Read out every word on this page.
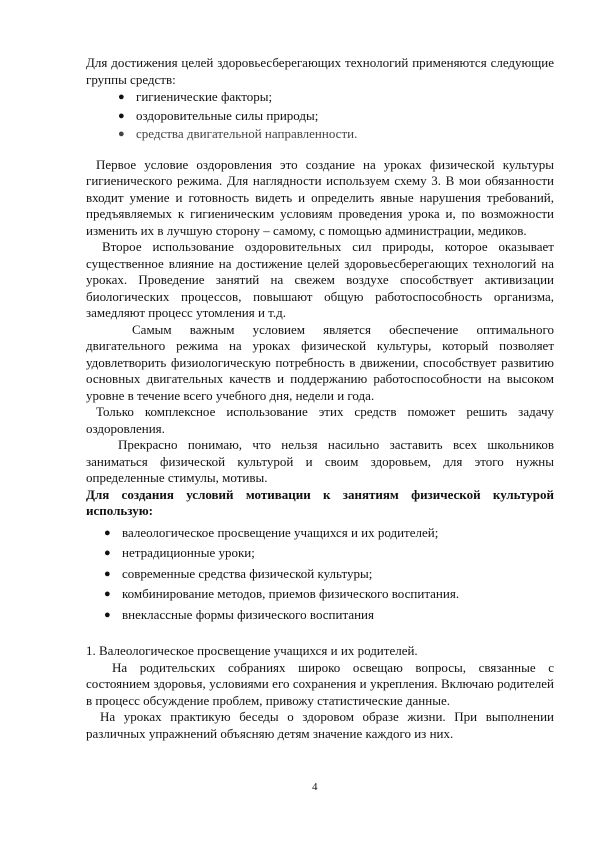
Для достижения целей здоровьесберегающих технологий применяются следующие группы средств:

● гигиенические факторы;
● оздоровительные силы природы;
● средства двигательной направленности.

Первое условие оздоровления это создание на уроках физической культуры гигиенического режима. Для наглядности используем схему 3. В мои обязанности входит умение и готовность видеть и определить явные нарушения требований, предъявляемых к гигиеническим условиям проведения урока и, по возможности изменить их в лучшую сторону – самому, с помощью администрации, медиков.

Второе использование оздоровительных сил природы, которое оказывает существенное влияние на достижение целей здоровьесберегающих технологий на уроках. Проведение занятий на свежем воздухе способствует активизации биологических процессов, повышают общую работоспособность организма, замедляют процесс утомления и т.д.

Самым важным условием является обеспечение оптимального двигательного режима на уроках физической культуры, который позволяет удовлетворить физиологическую потребность в движении, способствует развитию основных двигательных качеств и поддержанию работоспособности на высоком уровне в течение всего учебного дня, недели и года.

Только комплексное использование этих средств поможет решить задачу оздоровления.

Прекрасно понимаю, что нельзя насильно заставить всех школьников заниматься физической культурой и своим здоровьем, для этого нужны определенные стимулы, мотивы.

Для создания условий мотивации к занятиям физической культурой использую:

● валеологическое просвещение учащихся и их родителей;
● нетрадиционные уроки;
● современные средства физической культуры;
● комбинирование методов, приемов физического воспитания.
● внеклассные формы физического воспитания

1. Валеологическое просвещение учащихся и их родителей.

На родительских собраниях широко освещаю вопросы, связанные с состоянием здоровья, условиями его сохранения и укрепления. Включаю родителей в процесс обсуждение проблем, привожу статистические данные.

На уроках практикую беседы о здоровом образе жизни. При выполнении различных упражнений объясняю детям значение каждого из них.

4
